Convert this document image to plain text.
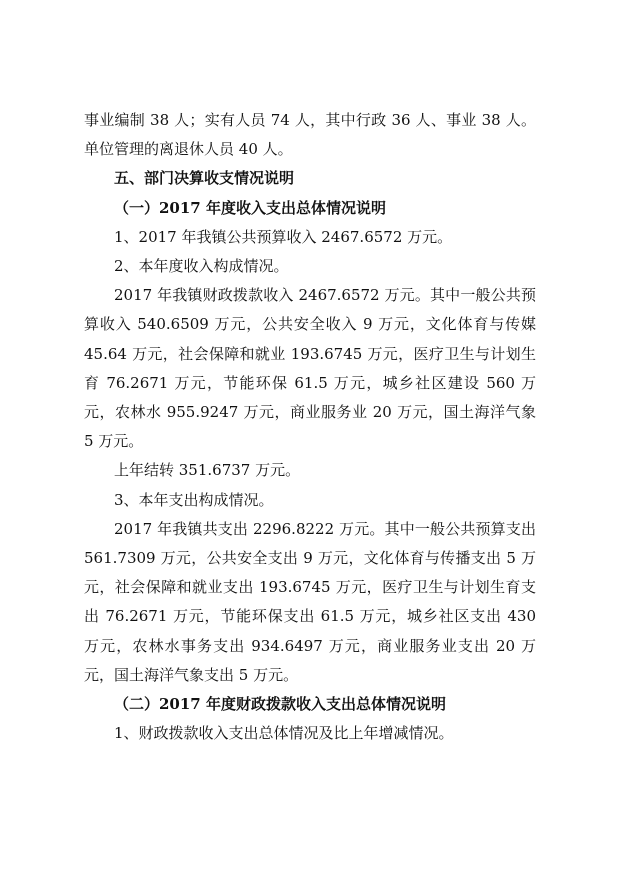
事业编制 38 人；实有人员 74 人，其中行政 36 人、事业 38 人。单位管理的离退休人员 40 人。

五、部门决算收支情况说明

（一）2017 年度收入支出总体情况说明

1、2017 年我镇公共预算收入 2467.6572 万元。

2、本年度收入构成情况。

2017 年我镇财政拨款收入 2467.6572 万元。其中一般公共预算收入 540.6509 万元，公共安全收入 9 万元，文化体育与传媒 45.64 万元，社会保障和就业 193.6745 万元，医疗卫生与计划生育 76.2671 万元，节能环保 61.5 万元，城乡社区建设 560 万元，农林水 955.9247 万元，商业服务业 20 万元，国土海洋气象 5 万元。

上年结转 351.6737 万元。

3、本年支出构成情况。

2017 年我镇共支出 2296.8222 万元。其中一般公共预算支出 561.7309 万元，公共安全支出 9 万元，文化体育与传播支出 5 万元，社会保障和就业支出 193.6745 万元，医疗卫生与计划生育支出 76.2671 万元，节能环保支出 61.5 万元，城乡社区支出 430 万元，农林水事务支出 934.6497 万元，商业服务业支出 20 万元，国土海洋气象支出 5 万元。

（二）2017 年度财政拨款收入支出总体情况说明

1、财政拨款收入支出总体情况及比上年增减情况。
